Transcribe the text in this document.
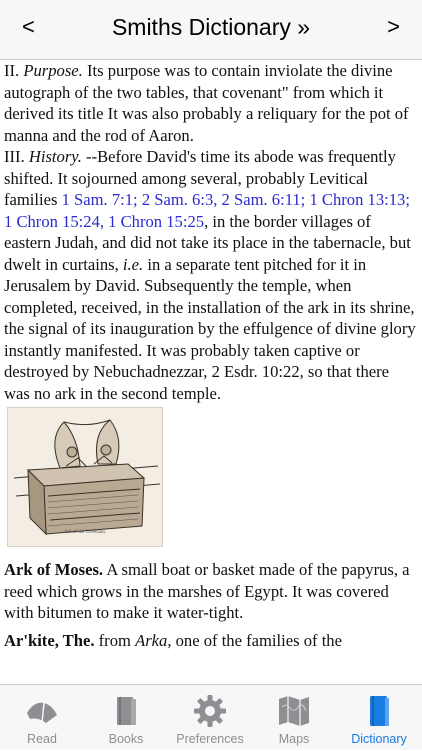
<	Smiths Dictionary »	>

II. Purpose. Its purpose was to contain inviolate the divine autograph of the two tables, that covenant" from which it derived its title It was also probably a reliquary for the pot of manna and the rod of Aaron.

III. History. --Before David's time its abode was frequently shifted. It sojourned among several, probably Levitical families 1 Sam. 7:1; 2 Sam. 6:3, 2 Sam. 6:11; 1 Chron 13:13; 1 Chron 15:24, 1 Chron 15:25, in the border villages of eastern Judah, and did not take its place in the tabernacle, but dwelt in curtains, i.e. in a separate tent pitched for it in Jerusalem by David. Subsequently the temple, when completed, received, in the installation of the ark in its shrine, the signal of its inauguration by the effulgence of divine glory instantly manifested. It was probably taken captive or destroyed by Nebuchadnezzar, 2 Esdr. 10:22, so that there was no ark in the second temple.

Ark of the Covenant.

Ark of Moses. A small boat or basket made of the papyrus, a reed which grows in the marshes of Egypt. It was covered with bitumen to make it water-tight.

Ar'kite, The. from Arka, one of the families of the

Read	Books	Preferences	Maps	Dictionary
